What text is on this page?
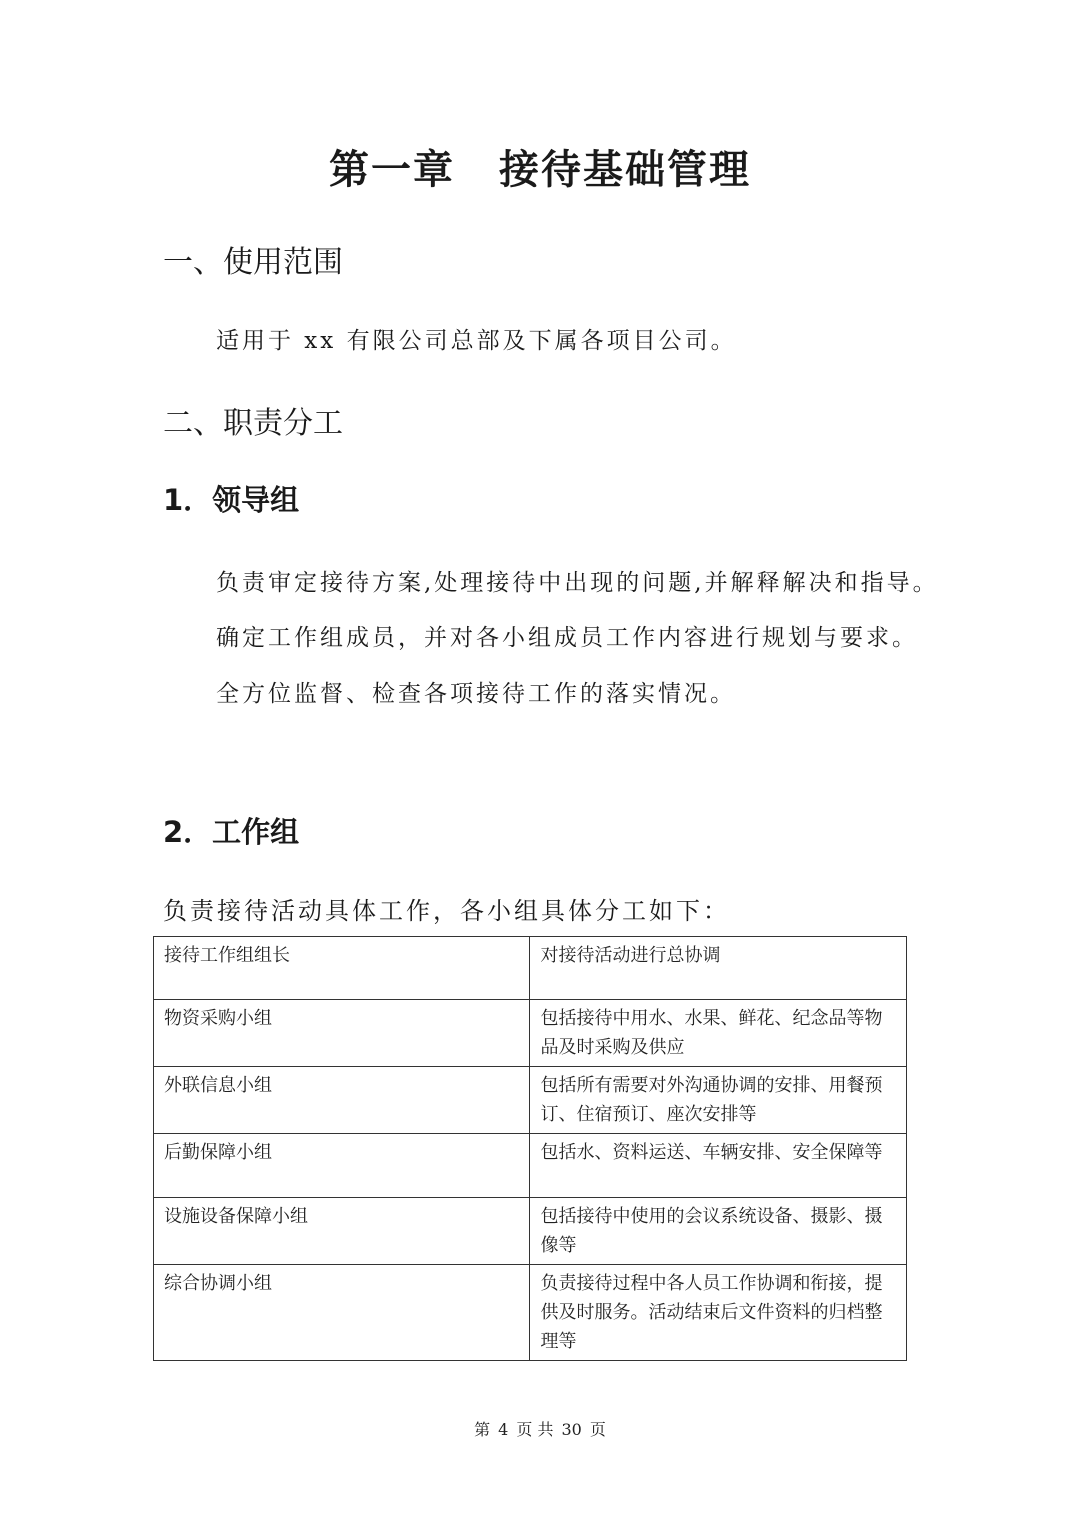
第一章 接待基础管理
一、使用范围

适用于 xx 有限公司总部及下属各项目公司。

二、职责分工
1．领导组

负责审定接待方案,处理接待中出现的问题,并解释解决和指导。

确定工作组成员，并对各小组成员工作内容进行规划与要求。

全方位监督、检查各项接待工作的落实情况。

2．工作组

负责接待活动具体工作，各小组具体分工如下：

接待工作组组长	对接待活动进行总协调
物资采购小组	包括接待中用水、水果、鲜花、纪念品等物品及时采购及供应
外联信息小组	包括所有需要对外沟通协调的安排、用餐预订、住宿预订、座次安排等
后勤保障小组	包括水、资料运送、车辆安排、安全保障等
设施设备保障小组	包括接待中使用的会议系统设备、摄影、摄像等
综合协调小组	负责接待过程中各人员工作协调和衔接，提供及时服务。活动结束后文件资料的归档整理等
第 4 页 共 30 页
